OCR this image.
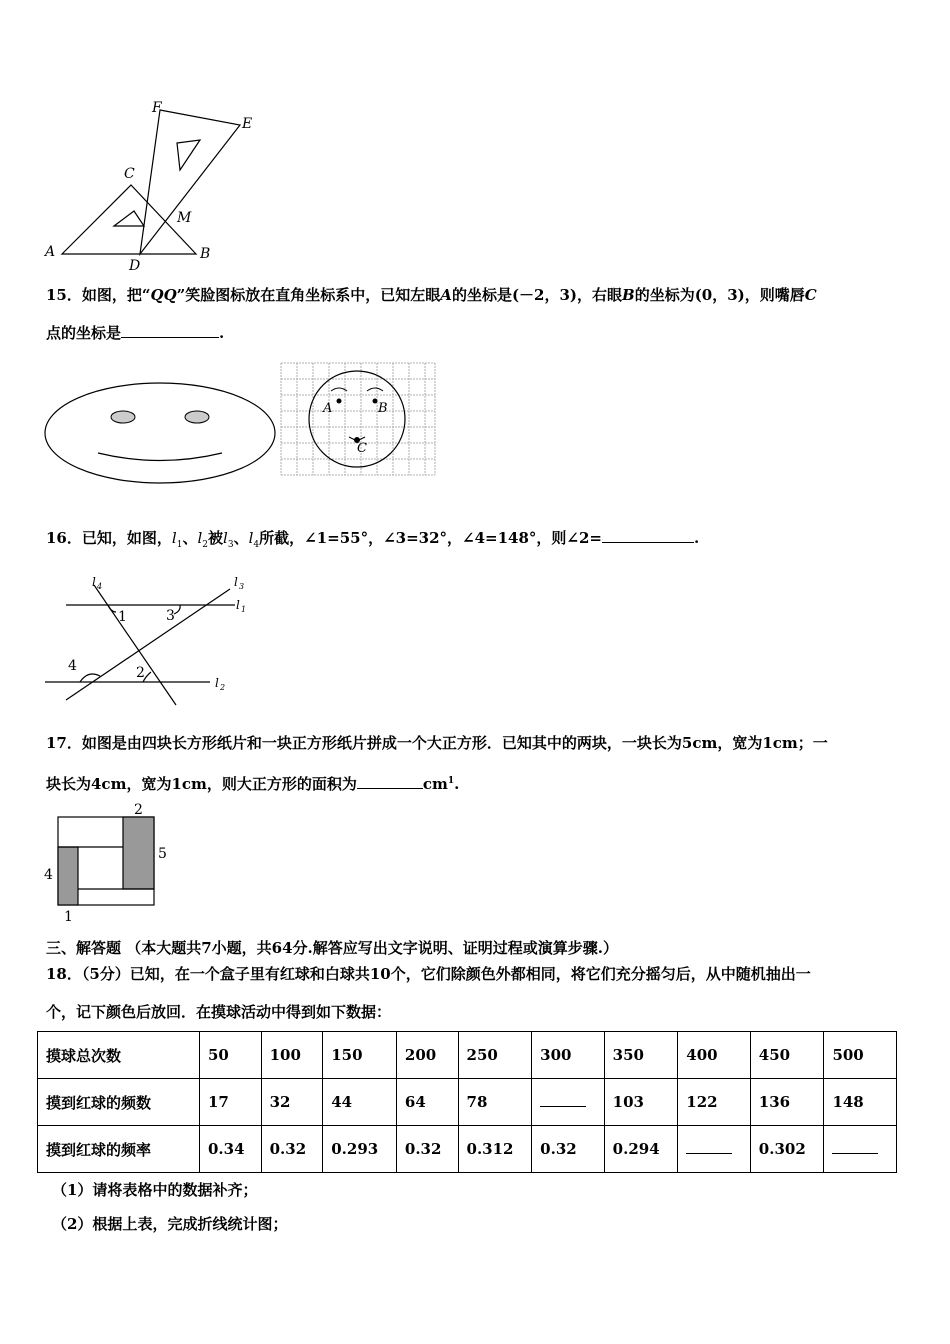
F
E
C
M
A
D
B
15．如图，把“QQ”笑脸图标放在直角坐标系中，已知左眼A的坐标是(－2，3)，右眼B的坐标为(0，3)，则嘴唇C
点的坐标是	.
A	B
C
16．已知，如图，$l_1$、$l_2$被$l_3$、$l_4$所截，∠1=55°，∠3=32°，∠4=148°，则∠2=	.
l 4	l 3
l 1
l 2
1	3
4	2
17．如图是由四块长方形纸片和一块正方形纸片拼成一个大正方形．已知其中的两块，一块长为5cm，宽为1cm；一
块长为4cm，宽为1cm，则大正方形的面积为	$cm^1$.
2
5
4
1
三、解答题 （本大题共7小题，共64分.解答应写出文字说明、证明过程或演算步骤.）
18．（5分）已知，在一个盒子里有红球和白球共10个，它们除颜色外都相同，将它们充分摇匀后，从中随机抽出一
个，记下颜色后放回．在摸球活动中得到如下数据：
摸球总次数	50	100	150	200	250	300	350	400	450	500
摸到红球的频数	17	32	44	64	78		103	122	136	148
摸到红球的频率	0.34	0.32	0.293	0.32	0.312	0.32	0.294		0.302	
（1）请将表格中的数据补齐；
（2）根据上表，完成折线统计图；
